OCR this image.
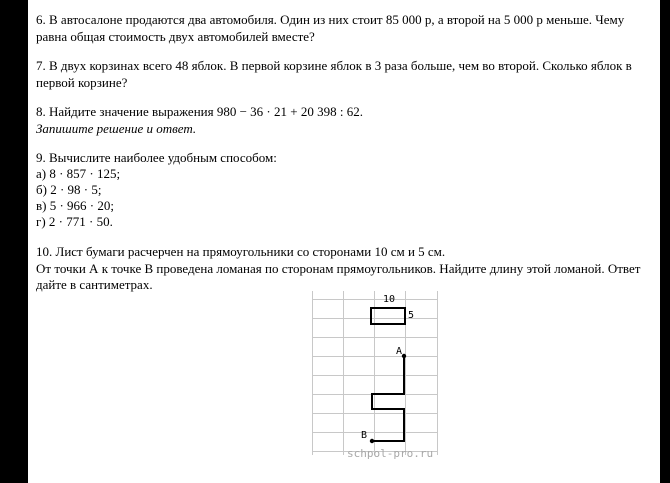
6. В автосалоне продаются два автомобиля. Один из них стоит 85 000 р, а второй на 5 000 р меньше. Чему
равна общая стоимость двух автомобилей вместе?
7. В двух корзинах всего 48 яблок. В первой корзине яблок в 3 раза больше, чем во второй. Сколько яблок в
первой корзине?
8. Найдите значение выражения 980 − 36 · 21 + 20 398 : 62.
Запишите решение и ответ.
9. Вычислите наиболее удобным способом:
а) 8 · 857 · 125;
б) 2 · 98 · 5;
в) 5 · 966 · 20;
г) 2 · 771 · 50.
10. Лист бумаги расчерчен на прямоугольники со сторонами 10 см и 5 см.
От точки А к точке В проведена ломаная по сторонам прямоугольников. Найдите длину этой ломаной. Ответ
дайте в сантиметрах.
10
5
A
B
schpol-pro.ru
